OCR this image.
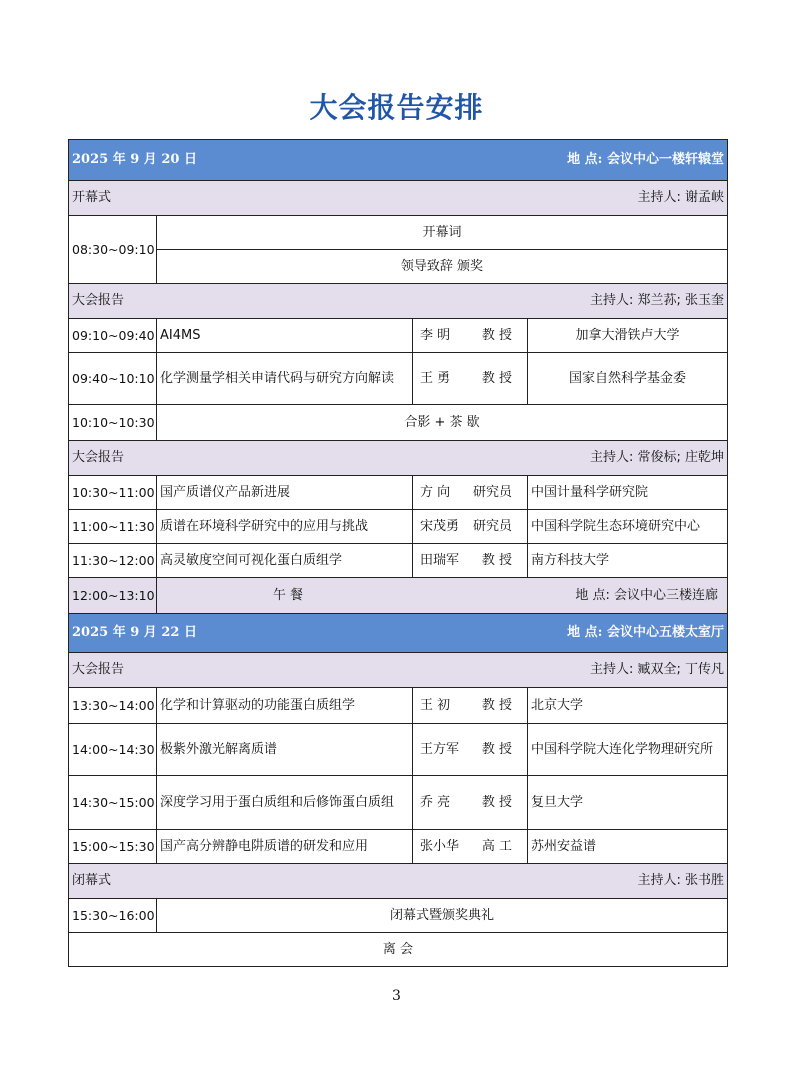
大会报告安排
2025 年 9 月 20 日 地 点: 会议中心一楼轩辕堂			

开幕式 主持人: 谢孟峡			

08:30~09:10	开幕词		
	领导致辞 颁奖		

大会报告 主持人: 郑兰荪; 张玉奎			

09:10~09:40	AI4MS	李 明 教 授	加拿大滑铁卢大学
09:40~10:10	化学测量学相关申请代码与研究方向解读	王 勇 教 授	国家自然科学基金委
10:10~10:30	合影 + 茶 歇		

大会报告 主持人: 常俊标; 庄乾坤			

10:30~11:00	国产质谱仪产品新进展	方 向 研究员	中国计量科学研究院
11:00~11:30	质谱在环境科学研究中的应用与挑战	宋茂勇 研究员	中国科学院生态环境研究中心
11:30~12:00	高灵敏度空间可视化蛋白质组学	田瑞军 教 授	南方科技大学
12:00~13:10	午 餐 地 点: 会议中心三楼连廊		

2025 年 9 月 22 日 地 点: 会议中心五楼太室厅			

大会报告 主持人: 臧双全; 丁传凡			

13:30~14:00	化学和计算驱动的功能蛋白质组学	王 初 教 授	北京大学
14:00~14:30	极紫外激光解离质谱	王方军 教 授	中国科学院大连化学物理研究所
14:30~15:00	深度学习用于蛋白质组和后修饰蛋白质组	乔 亮 教 授	复旦大学
15:00~15:30	国产高分辨静电阱质谱的研发和应用	张小华 高 工	苏州安益谱

闭幕式 主持人: 张书胜			

15:30~16:00	闭幕式暨颁奖典礼		
离 会			
3
